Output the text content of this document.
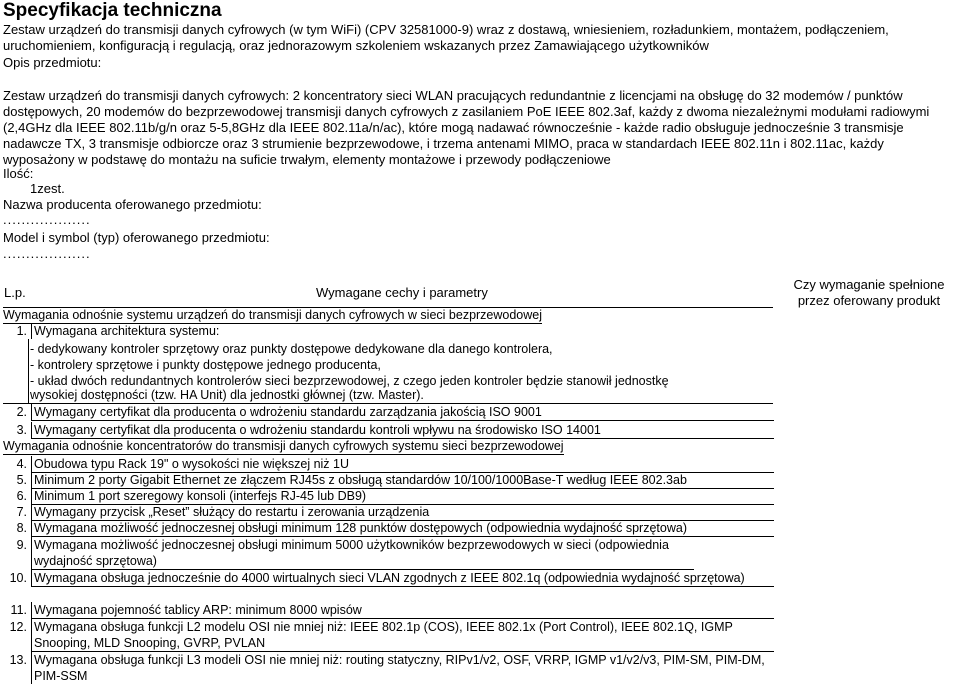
Specyfikacja techniczna
Zestaw urządzeń do transmisji danych cyfrowych (w tym WiFi) (CPV 32581000-9) wraz z dostawą, wniesieniem, rozładunkiem, montażem, podłączeniem, uruchomieniem, konfiguracją i regulacją, oraz jednorazowym szkoleniem wskazanych przez Zamawiającego użytkowników
Opis przedmiotu:
Zestaw urządzeń do transmisji danych cyfrowych: 2 koncentratory sieci WLAN pracujących redundantnie z licencjami na obsługę do 32 modemów / punktów dostępowych, 20 modemów do bezprzewodowej transmisji danych cyfrowych z zasilaniem PoE IEEE 802.3af, każdy z dwoma niezależnymi modułami radiowymi (2,4GHz dla IEEE 802.11b/g/n oraz 5-5,8GHz dla IEEE 802.11a/n/ac), które mogą nadawać równocześnie - każde radio obsługuje jednocześnie 3 transmisje nadawcze TX, 3 transmisje odbiorcze oraz 3 strumienie bezprzewodowe, i trzema antenami MIMO, praca w standardach IEEE 802.11n i 802.11ac, każdy wyposażony w podstawę do montażu na suficie trwałym, elementy montażowe i przewody podłączeniowe
Ilość:
1zest.
Nazwa producenta oferowanego przedmiotu:
...................
Model i symbol (typ) oferowanego przedmiotu:
...................
L.p.	Wymagane cechy i parametry
Czy wymaganie spełnione przez oferowany produkt
Wymagania odnośnie systemu urządzeń do transmisji danych cyfrowych w sieci bezprzewodowej
1. Wymagana architektura systemu:
- dedykowany kontroler sprzętowy oraz punkty dostępowe dedykowane dla danego kontrolera,
- kontrolery sprzętowe i punkty dostępowe jednego producenta,
- układ dwóch redundantnych kontrolerów sieci bezprzewodowej, z czego jeden kontroler będzie stanowił jednostkę
wysokiej dostępności (tzw. HA Unit) dla jednostki głównej (tzw. Master).
2. Wymagany certyfikat dla producenta o wdrożeniu standardu zarządzania jakością ISO 9001
3. Wymagany certyfikat dla producenta o wdrożeniu standardu kontroli wpływu na środowisko ISO 14001
Wymagania odnośnie koncentratorów do transmisji danych cyfrowych systemu sieci bezprzewodowej
4. Obudowa typu Rack 19" o wysokości nie większej niż 1U
5. Minimum 2 porty Gigabit Ethernet ze złączem RJ45s z obsługą standardów 10/100/1000Base-T według IEEE 802.3ab
6. Minimum 1 port szeregowy konsoli (interfejs RJ-45 lub DB9)
7. Wymagany przycisk „Reset” służący do restartu i zerowania urządzenia
8. Wymagana możliwość jednoczesnej obsługi minimum 128 punktów dostępowych (odpowiednia wydajność sprzętowa)
9. Wymagana możliwość jednoczesnej obsługi minimum 5000 użytkowników bezprzewodowych w sieci (odpowiednia wydajność sprzętowa)
10. Wymagana obsługa jednocześnie do 4000 wirtualnych sieci VLAN zgodnych z IEEE 802.1q (odpowiednia wydajność sprzętowa)
11. Wymagana pojemność tablicy ARP: minimum 8000 wpisów
12. Wymagana obsługa funkcji L2 modelu OSI nie mniej niż: IEEE 802.1p (COS), IEEE 802.1x (Port Control), IEEE 802.1Q, IGMP Snooping, MLD Snooping, GVRP, PVLAN
13. Wymagana obsługa funkcji L3 modeli OSI nie mniej niż: routing statyczny, RIPv1/v2, OSF, VRRP, IGMP v1/v2/v3, PIM-SM, PIM-DM, PIM-SSM
